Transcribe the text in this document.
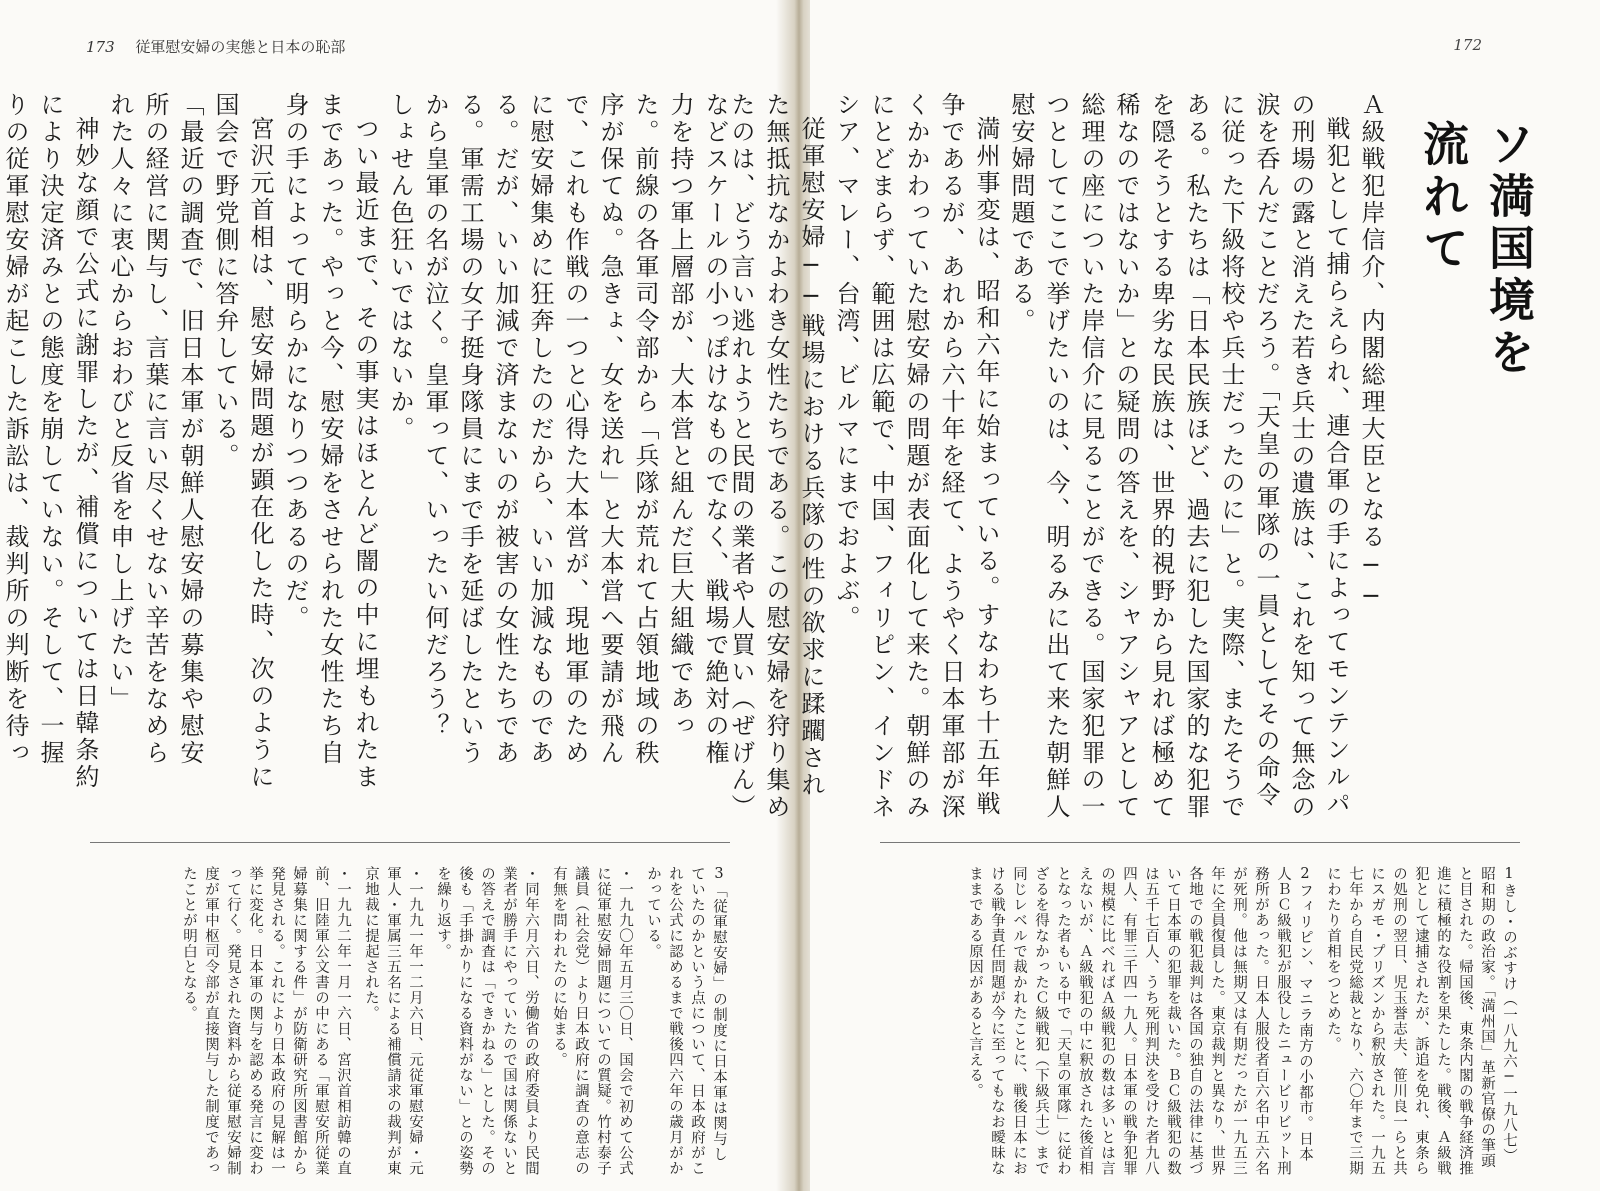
173 従軍慰安婦の実態と日本の恥部

などスケールの小っぽけなものでなく、戦場で絶対の権力を持つ軍上層部が、大本営と組んだ巨大組織であった。前線の各軍司令部から「兵隊が荒れて占領地域の秩序が保てぬ。急きょ、女を送れ」と大本営へ要請が飛んで、これも作戦の一つと心得た大本営が、現地軍のために慰安婦集めに狂奔したのだから、いい加減なものである。だが、いい加減で済まないのが被害の女性たちである。軍需工場の女子挺身隊員にまで手を延ばしたというから皇軍の名が泣く。皇軍って、いったい何だろう？　しょせん色狂いではないか。

つい最近まで、その事実はほとんど闇の中に埋もれたままであった。やっと今、慰安婦をさせられた女性たち自身の手によって明らかになりつつあるのだ。

宮沢元首相は、慰安婦問題が顕在化した時、次のように国会で野党側に答弁している。

「最近の調査で、旧日本軍が朝鮮人慰安婦の募集や慰安所の経営に関与し、言葉に言い尽くせない辛苦をなめられた人々に衷心からおわびと反省を申し上げたい」

神妙な顔で公式に謝罪したが、補償については日韓条約により決定済みとの態度を崩していない。そして、一握りの従軍慰安婦が起こした訴訟は、裁判所の判断を待っ

3「従軍慰安婦」の制度に日本軍は関与していたのかという点について、日本政府がこれを公式に認めるまで戦後四六年の歳月がかかっている。

・一九九〇年五月三〇日、国会で初めて公式に従軍慰安婦問題についての質疑。竹村泰子議員（社会党）より日本政府に調査の意志の有無を問われたのに始まる。

・同年六月六日、労働省の政府委員より民間業者が勝手にやっていたので国は関係ないとの答えで調査は「できかねる」とした。その後も「手掛かりになる資料がない」との姿勢を繰り返す。

・一九九一年一二月六日、元従軍慰安婦・元軍人・軍属三五名による補償請求の裁判が東京地裁に提起された。

・一九九二年一月一六日、宮沢首相訪韓の直前、旧陸軍公文書の中にある「軍慰安所従業婦募集に関する件」が防衛研究所図書館から発見される。これにより日本政府の見解は一挙に変化。日本軍の関与を認める発言に変わって行く。発見された資料から従軍慰安婦制度が軍中枢司令部が直接関与した制度であったことが明白となる。

172
ソ満国境を流れて

Ａ級戦犯岸信介、内閣総理大臣となる──

戦犯として捕らえられ、連合軍の手によってモンテンルパの刑場の露と消えた若き兵士の遺族は、これを知って無念の涙を呑んだことだろう。「天皇の軍隊の一員としてその命令に従った下級将校や兵士だったのに」と。実際、またそうである。私たちは「日本民族ほど、過去に犯した国家的な犯罪を隠そうとする卑劣な民族は、世界的視野から見れば極めて稀なのではないか」との疑問の答えを、シャアシャアとして総理の座についた岸信介に見ることができる。国家犯罪の一つとしてここで挙げたいのは、今、明るみに出て来た朝鮮人慰安婦問題である。

満州事変は、昭和六年に始まっている。すなわち十五年戦争であるが、あれから六十年を経て、ようやく日本軍部が深くかかわっていた慰安婦の問題が表面化して来た。朝鮮のみにとどまらず、範囲は広範で、中国、フィリピン、インドネシア、マレー、台湾、ビルマにまでおよぶ。

従軍慰安婦──戦場における兵隊の性の欲求に蹂躙された無抵抗なかよわき女性たちである。この慰安婦を狩り集めたのは、どう言い逃れようと民間の業者や人買い（ぜげん）

1きし・のぶすけ（一八九六─一九八七）昭和期の政治家。「満州国」革新官僚の筆頭と目された。帰国後、東条内閣の戦争経済推進に積極的な役割を果たした。戦後、Ａ級戦犯として逮捕されたが、訴追を免れ、東条らの処刑の翌日、児玉誉志夫、笹川良一らと共にスガモ・プリズンから釈放された。一九五七年から自民党総裁となり、六〇年まで三期にわたり首相をつとめた。

2フィリピン、マニラ南方の小都市。日本人ＢＣ級戦犯が服役したニュービリビット刑務所があった。日本人服役者百六名中五六名が死刑。他は無期又は有期だったが一九五三年に全員復員した。東京裁判と異なり、世界各地での戦犯裁判は各国の独自の法律に基づいて日本軍の犯罪を裁いた。ＢＣ級戦犯の数は五千七百人、うち死刑判決を受けた者九八四人、有罪三千四一九人。日本軍の戦争犯罪の規模に比べればＡ級戦犯の数は多いとは言えないが、Ａ級戦犯の中に釈放された後首相となった者もいる中で「天皇の軍隊」に従わざるを得なかったＣ級戦犯（下級兵士）まで同じレベルで裁かれたことに、戦後日本における戦争責任問題が今に至ってもなお曖昧なままである原因があると言える。
